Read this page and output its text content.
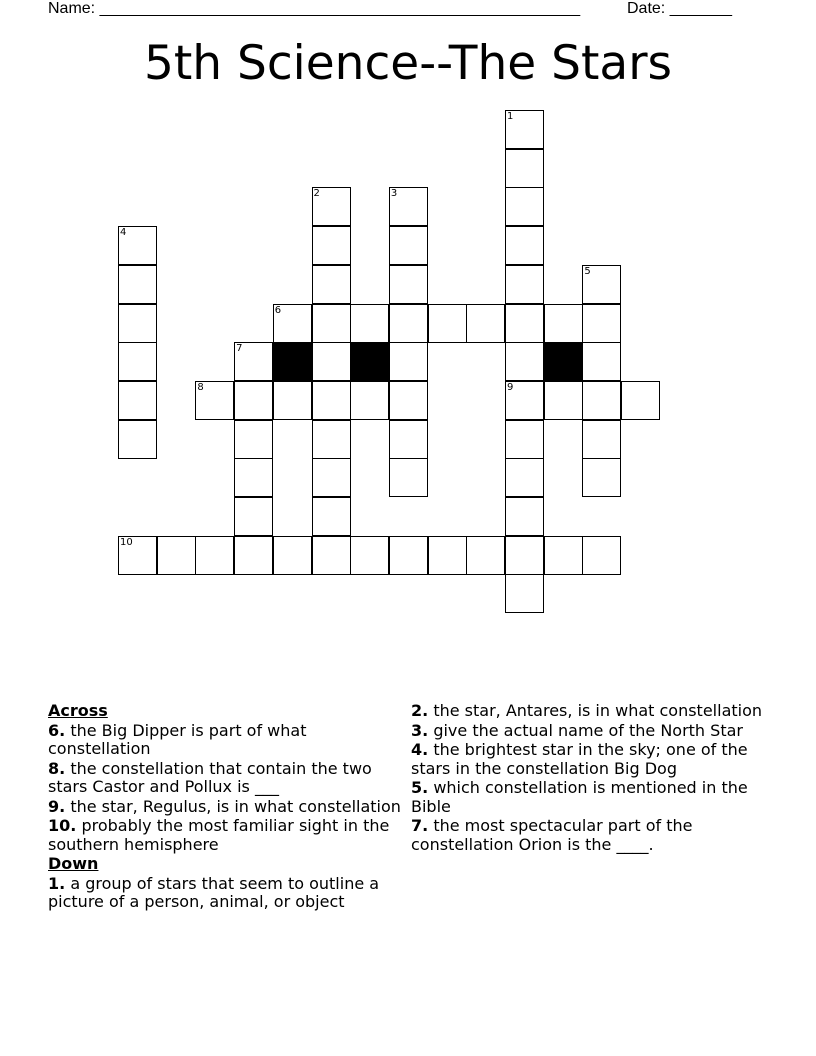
Name: ______________________________________________________	Date: _______
5th Science--The Stars
1
9
2	3
4
5
6
7
8
10
Across
6. the Big Dipper is part of what constellation
8. the constellation that contain the two stars Castor and Pollux is ___
9. the star, Regulus, is in what constellation
10. probably the most familiar sight in the southern hemisphere
Down
1. a group of stars that seem to outline a picture of a person, animal, or object
2. the star, Antares, is in what constellation
3. give the actual name of the North Star
4. the brightest star in the sky; one of the stars in the constellation Big Dog
5. which constellation is mentioned in the Bible
7. the most spectacular part of the constellation Orion is the ____.
